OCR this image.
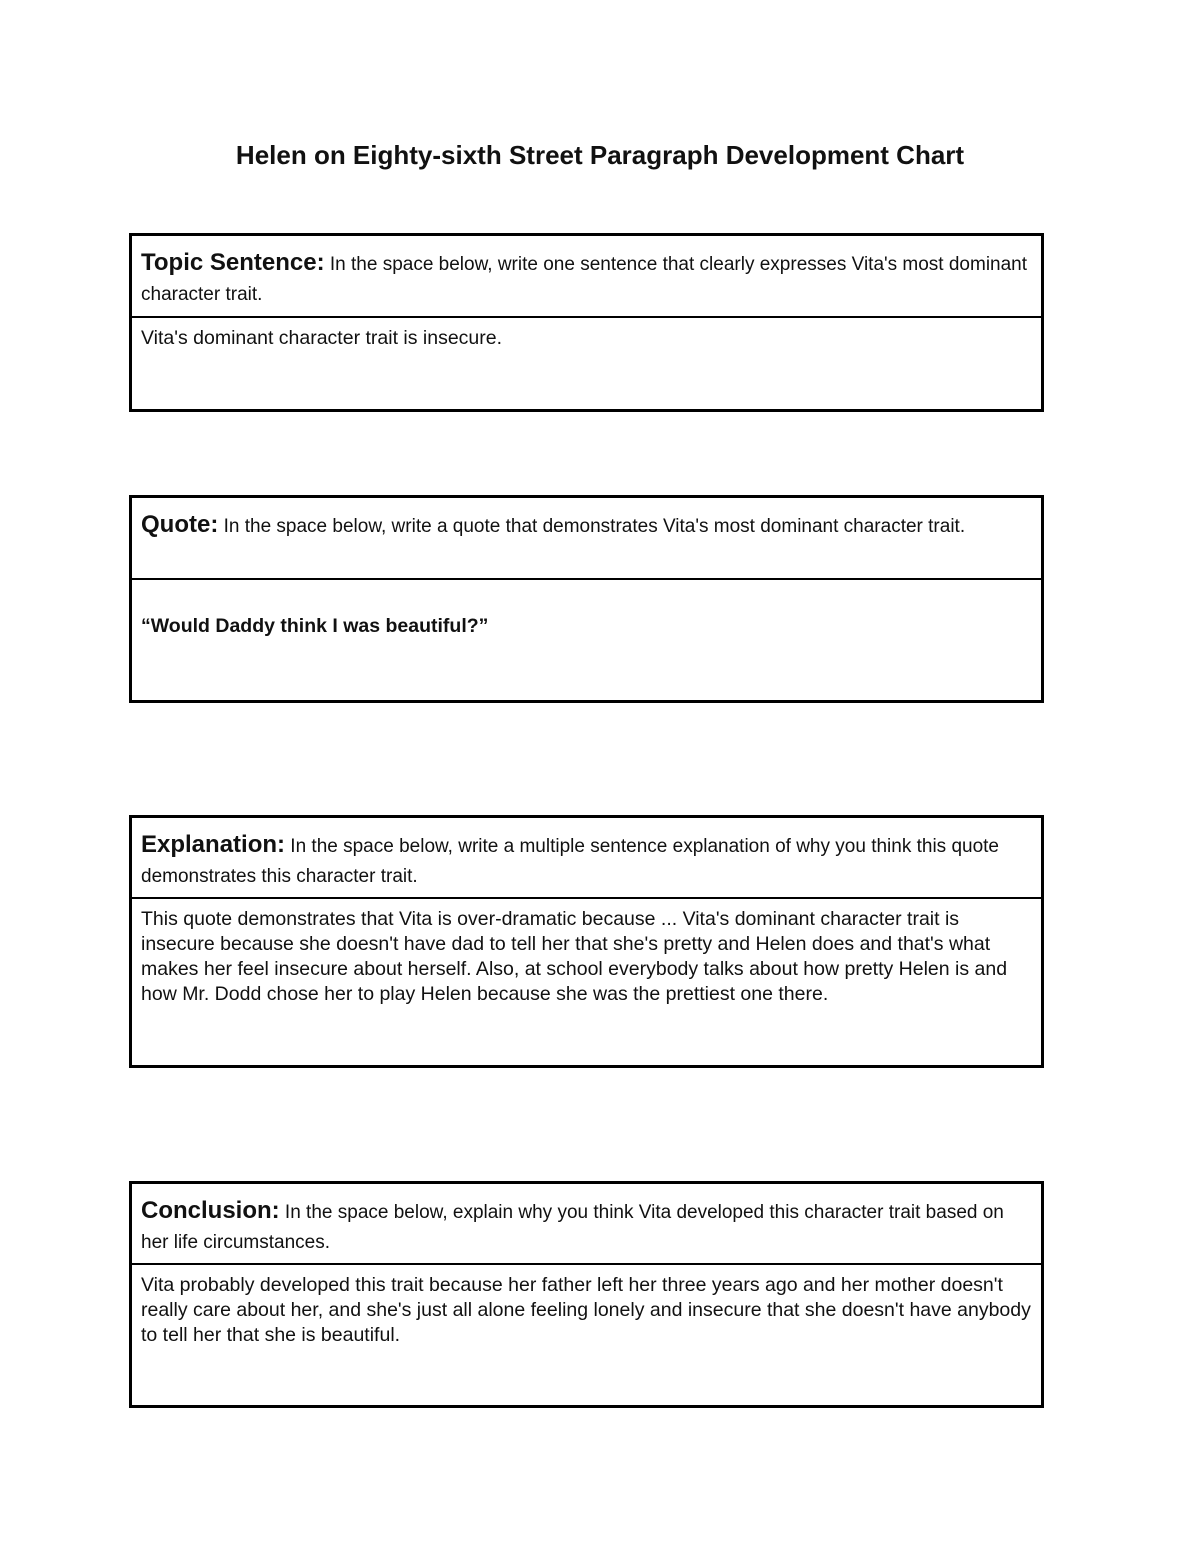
Helen on Eighty-sixth Street Paragraph Development Chart
Topic Sentence: In the space below, write one sentence that clearly expresses Vita's most dominant character trait.
Vita's dominant character trait is insecure.
Quote: In the space below, write a quote that demonstrates Vita's most dominant character trait.
“Would Daddy think I was beautiful?”
Explanation: In the space below, write a multiple sentence explanation of why you think this quote demonstrates this character trait.
This quote demonstrates that Vita is over-dramatic because ... Vita's dominant character trait is insecure because she doesn't have dad to tell her that she's pretty and Helen does and that's what makes her feel insecure about herself. Also, at school everybody talks about how pretty Helen is and how Mr. Dodd chose her to play Helen because she was the prettiest one there.
Conclusion: In the space below, explain why you think Vita developed this character trait based on her life circumstances.
Vita probably developed this trait because her father left her three years ago and her mother doesn't really care about her, and she's just all alone feeling lonely and insecure that she doesn't have anybody to tell her that she is beautiful.
